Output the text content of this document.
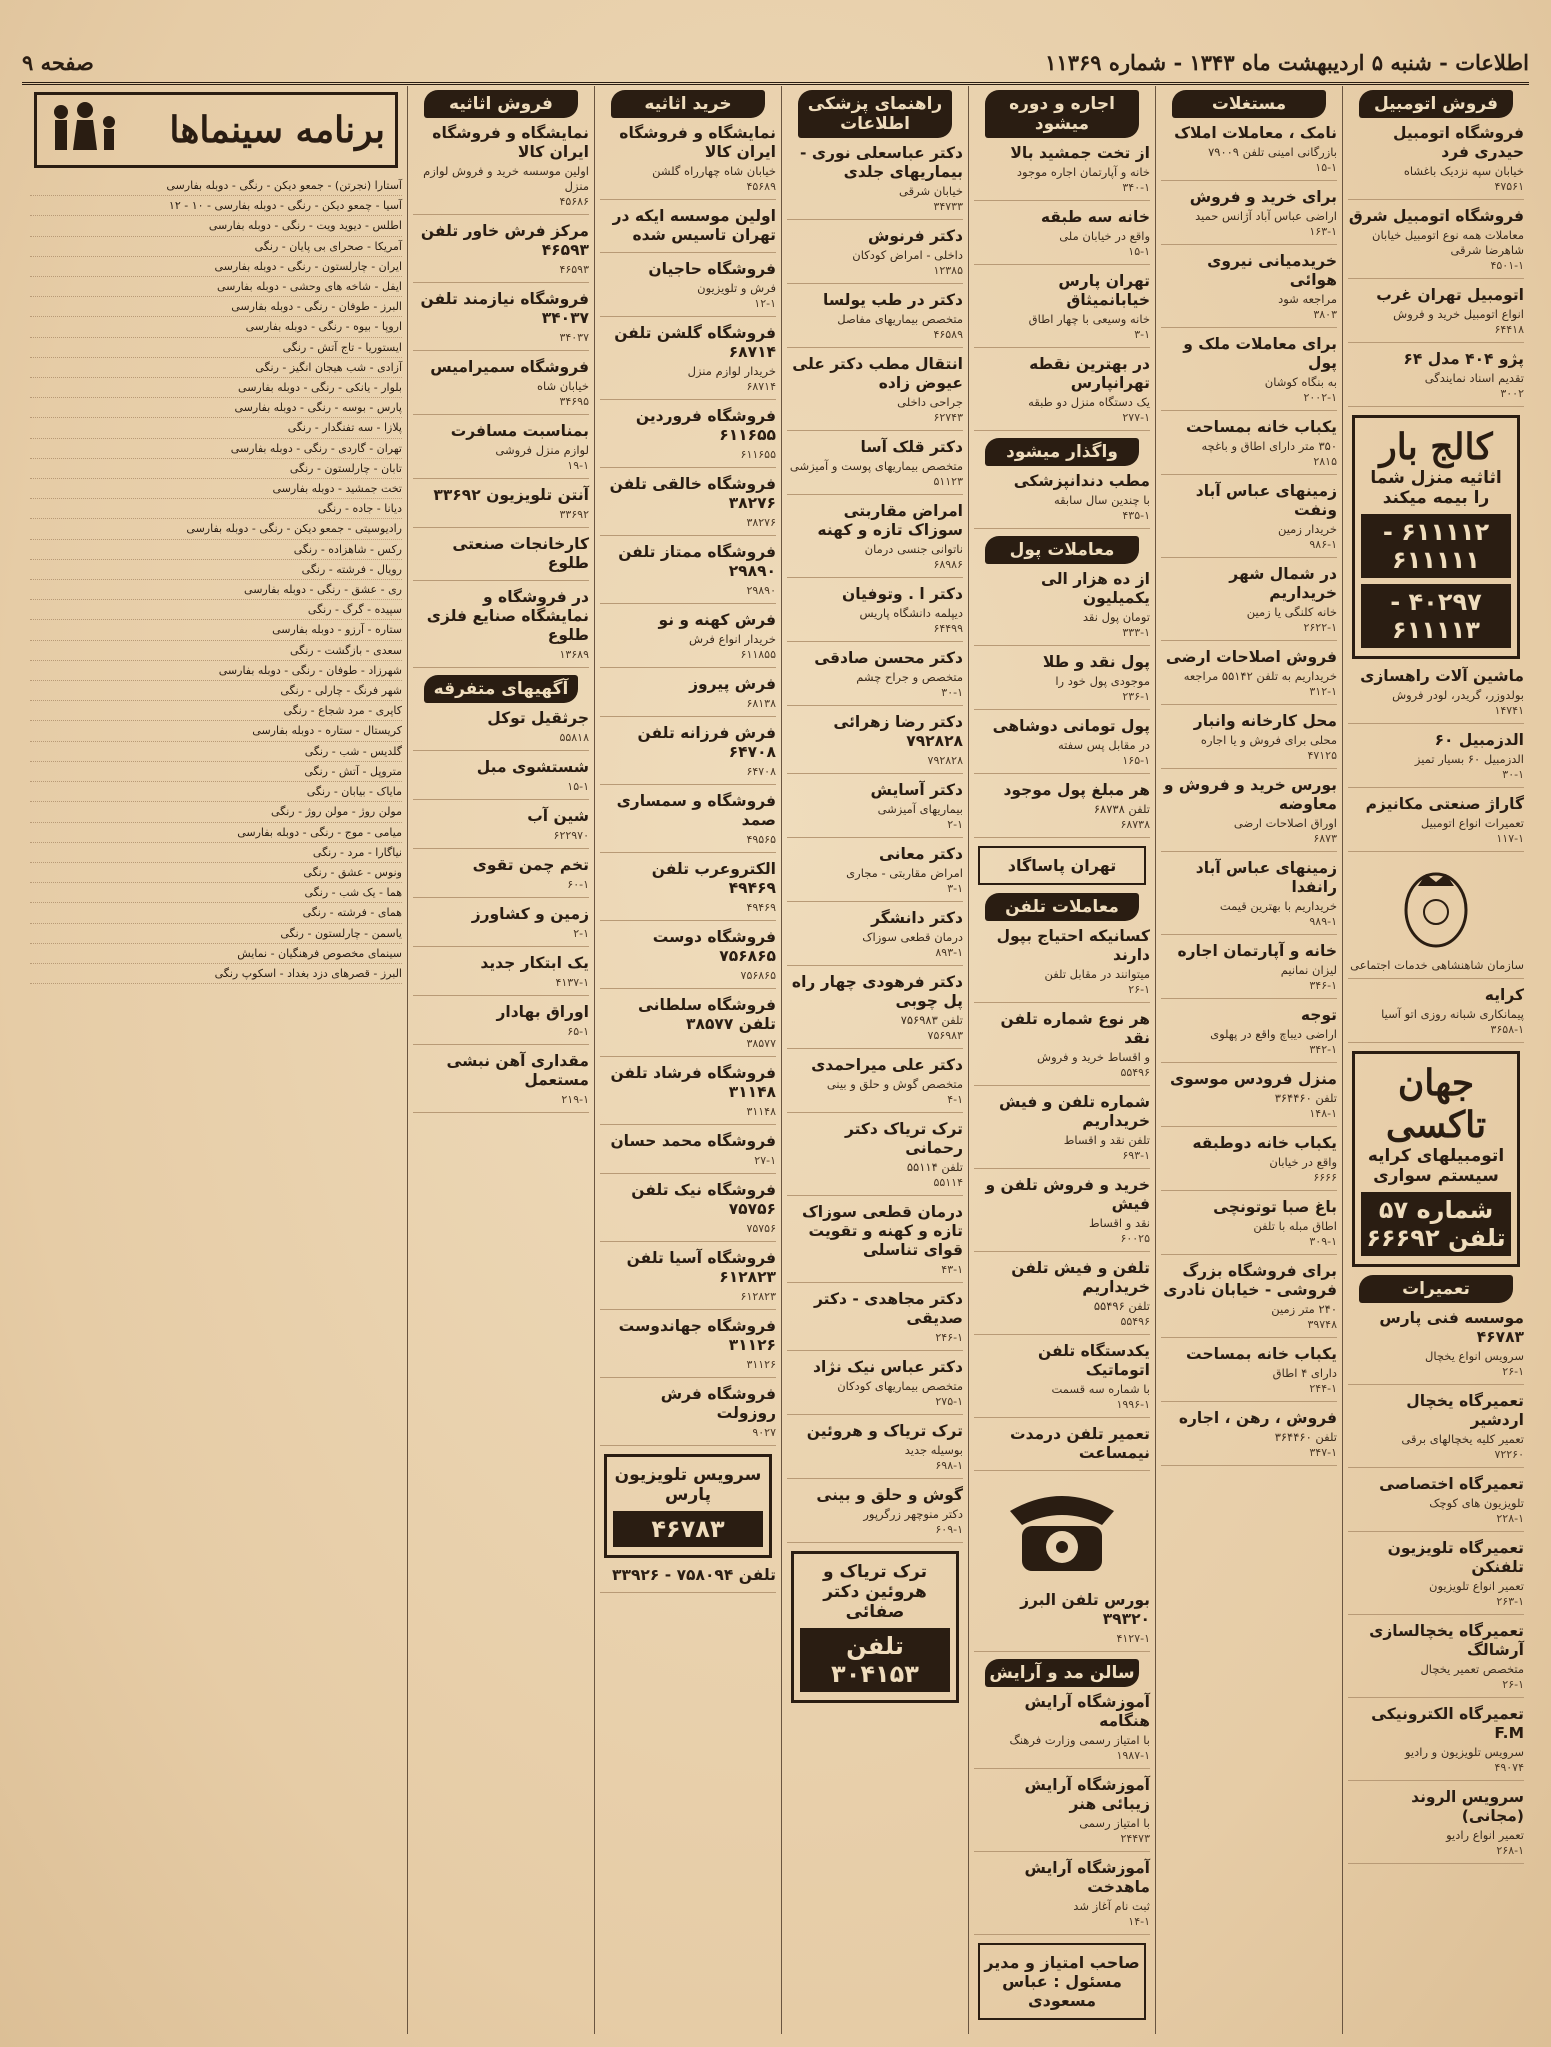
اطلاعات - شنبه ۵ اردیبهشت ماه ۱۳۴۳ - شماره ۱۱۳۶۹
صفحه ۹
فروش اتومبیل
فروشگاه اتومبیل حیدری فرد

خیابان سپه نزدیک باغشاه

۴۷۵۶۱

فروشگاه اتومبیل شرق

معاملات همه نوع اتومبیل خیابان شاهرضا شرقی

۴۵۰۱-۱

اتومبیل تهران غرب

انواع اتومبیل خرید و فروش

۶۴۴۱۸

پژو ۴۰۴ مدل ۶۴

تقدیم اسناد نمایندگی

۳۰۰۲

کالج بار
اثاثیه منزل شما را بیمه میکند
۶۱۱۱۱۲ - ۶۱۱۱۱۱
۴۰۲۹۷ - ۶۱۱۱۱۳
ماشین آلات راهسازی

بولدوزر، گریدر، لودر فروش

۱۴۷۴۱

الدزمبیل ۶۰

الدزمبیل ۶۰ بسیار تمیز

۳۰-۱

گاراژ صنعتی مکانیزم

تعمیرات انواع اتومبیل

۱۱۷-۱

سازمان شاهنشاهی خدمات اجتماعی

کرایه

پیمانکاری شبانه روزی اتو آسیا

۳۶۵۸-۱

جهان تاکسی
اتومبیلهای کرایه سیستم سواری
شماره ۵۷ تلفن ۶۶۶۹۲
تعمیرات
موسسه فنی پارس ۴۶۷۸۳

سرویس انواع یخچال

۲۶-۱

تعمیرگاه یخچال اردشیر

تعمیر کلیه یخچالهای برقی

۷۲۲۶۰

تعمیرگاه اختصاصی

تلویزیون های کوچک

۲۲۸-۱

تعمیرگاه تلویزیون تلفنکن

تعمیر انواع تلویزیون

۲۶۳-۱

تعمیرگاه یخچالسازی آرشالگ

متخصص تعمیر یخچال

۲۶-۱

تعمیرگاه الکترونیکی F.M

سرویس تلویزیون و رادیو

۴۹۰۷۴

سرویس الروند (مجانی)

تعمیر انواع رادیو

۲۶۸-۱

مستغلات
نامک ، معاملات املاک

بازرگانی امینی تلفن ۷۹۰۰۹

۱۵-۱

برای خرید و فروش

اراضی عباس آباد آژانس حمید

۱۶۳-۱

خریدمیانی نیروی هوائی

مراجعه شود

۳۸۰۳

برای معاملات ملک و پول

به بنگاه کوشان

۲۰۰۲-۱

یکباب خانه بمساحت

۳۵۰ متر دارای اطاق و باغچه

۲۸۱۵

زمینهای عباس آباد ونفت

خریدار زمین

۹۸۶-۱

در شمال شهر خریداریم

خانه کلنگی یا زمین

۲۶۲۲-۱

فروش اصلاحات ارضی

خریداریم به تلفن ۵۵۱۴۲ مراجعه

۳۱۲-۱

محل کارخانه وانبار

محلی برای فروش و یا اجاره

۴۷۱۲۵

بورس خرید و فروش و معاوضه

اوراق اصلاحات ارضی

۶۸۷۳

زمینهای عباس آباد رانفدا

خریداریم با بهترین قیمت

۹۸۹-۱

خانه و آپارتمان اجاره

لیزان نمانیم

۳۴۶-۱

توجه

اراضی دیباچ واقع در پهلوی

۳۴۲-۱

منزل فرودس موسوی

تلفن ۳۶۴۴۶۰

۱۴۸-۱

یکباب خانه دوطبقه

واقع در خیابان

۶۶۶۶

باغ صبا توتونچی

اطاق مبله با تلفن

۳۰۹-۱

برای فروشگاه بزرگ فروشی - خیابان نادری

۲۴۰ متر زمین

۳۹۷۴۸

یکباب خانه بمساحت

دارای ۴ اطاق

۲۴۴-۱

فروش ، رهن ، اجاره

تلفن ۳۶۴۴۶۰

۳۴۷-۱

اجاره و دوره میشود
از تخت جمشید بالا

خانه و آپارتمان اجاره موجود

۳۴۰-۱

خانه سه طبقه

واقع در خیابان ملی

۱۵-۱

تهران پارس خیابانمیثاق

خانه وسیعی با چهار اطاق

۳-۱

در بهترین نقطه تهرانپارس

یک دستگاه منزل دو طبقه

۲۷۷-۱

واگذار میشود
مطب دندانپزشکی

با چندین سال سابقه

۴۳۵-۱

معاملات پول
از ده هزار الی یکمیلیون

تومان پول نقد

۳۳۳-۱

پول نقد و طلا

موجودی پول خود را

۲۳۶-۱

پول تومانی دوشاهی

در مقابل پس سفته

۱۶۵-۱

هر مبلغ پول موجود

تلفن ۶۸۷۳۸

۶۸۷۳۸

تهران پاساگاد
معاملات تلفن
کسانیکه احتیاج بپول دارند

میتوانند در مقابل تلفن

۲۶-۱

هر نوع شماره تلفن نقد

و اقساط خرید و فروش

۵۵۴۹۶

شماره تلفن و فیش خریداریم

تلفن نقد و اقساط

۶۹۳-۱

خرید و فروش تلفن و فیش

نقد و اقساط

۶۰۰۲۵

تلفن و فیش تلفن خریداریم

تلفن ۵۵۴۹۶

۵۵۴۹۶

یکدستگاه تلفن اتوماتیک

با شماره سه قسمت

۱۹۹۶-۱

تعمیر تلفن درمدت نیمساعت
بورس تلفن البرز ۳۹۳۲۰

۴۱۲۷-۱

سالن مد و آرایش
آموزشگاه آرایش هنگامه

با امتیاز رسمی وزارت فرهنگ

۱۹۸۷-۱

آموزشگاه آرایش زیبائی هنر

با امتیاز رسمی

۲۴۴۷۳

آموزشگاه آرایش ماهدخت

ثبت نام آغاز شد

۱۴-۱

صاحب امتیاز و مدیر مسئول : عباس مسعودی
راهنمای پزشکی اطلاعات
دکتر عباسعلی نوری - بیماریهای جلدی

خیابان شرقی

۳۴۷۳۳

دکتر فرنوش

داخلی - امراض کودکان

۱۲۳۸۵

دکتر در طب یولسا

متخصص بیماریهای مفاصل

۴۶۵۸۹

انتقال مطب دکتر علی عیوض زاده

جراحی داخلی

۶۲۷۴۳

دکتر قلک آسا

متخصص بیماریهای پوست و آمیزشی

۵۱۱۲۳

امراض مقاربتی سوزاک تازه و کهنه

ناتوانی جنسی درمان

۶۸۹۸۶

دکتر ا . وتوفیان

دیپلمه دانشگاه پاریس

۶۴۴۹۹

دکتر محسن صادقی

متخصص و جراح چشم

۳۰-۱

دکتر رضا زهرائی ۷۹۲۸۲۸

۷۹۲۸۲۸

دکتر آسایش

بیماریهای آمیزشی

۲-۱

دکتر معانی

امراض مقاربتی - مجاری

۳-۱

دکتر دانشگر

درمان قطعی سوزاک

۸۹۳-۱

دکتر فرهودی چهار راه پل چوبی

تلفن ۷۵۶۹۸۳

۷۵۶۹۸۳

دکتر علی میراحمدی

متخصص گوش و حلق و بینی

۴-۱

ترک تریاک دکتر رحمانی

تلفن ۵۵۱۱۴

۵۵۱۱۴

درمان قطعی سوزاک تازه و کهنه و تقویت قوای تناسلی

۴۳-۱

دکتر مجاهدی - دکتر صدیقی

۲۴۶-۱

دکتر عباس نیک نژاد

متخصص بیماریهای کودکان

۲۷۵-۱

ترک تریاک و هروئین

بوسیله جدید

۶۹۸-۱

گوش و حلق و بینی

دکتر منوچهر زرگرپور

۶۰۹-۱

ترک تریاک و هروئین دکتر صفائی
تلفن ۳۰۴۱۵۳
خرید اثاثیه
نمایشگاه و فروشگاه ایران کالا

خیابان شاه چهارراه گلشن

۴۵۶۸۹

اولین موسسه ایکه در تهران تاسیس شده
فروشگاه حاجیان

فرش و تلویزیون

۱۲-۱

فروشگاه گلشن تلفن ۶۸۷۱۴

خریدار لوازم منزل

۶۸۷۱۴

فروشگاه فروردین ۶۱۱۶۵۵

۶۱۱۶۵۵

فروشگاه خالقی تلفن ۳۸۲۷۶

۳۸۲۷۶

فروشگاه ممتاز تلفن ۲۹۸۹۰

۲۹۸۹۰

فرش کهنه و نو

خریدار انواع فرش

۶۱۱۸۵۵

فرش پیروز

۶۸۱۳۸

فرش فرزانه تلفن ۶۴۷۰۸

۶۴۷۰۸

فروشگاه و سمساری صمد

۴۹۵۶۵

الکتروعرب تلفن ۴۹۴۶۹

۴۹۴۶۹

فروشگاه دوست ۷۵۶۸۶۵

۷۵۶۸۶۵

فروشگاه سلطانی تلفن ۳۸۵۷۷

۳۸۵۷۷

فروشگاه فرشاد تلفن ۳۱۱۴۸

۳۱۱۴۸

فروشگاه محمد حسان

۲۷-۱

فروشگاه نیک تلفن ۷۵۷۵۶

۷۵۷۵۶

فروشگاه آسیا تلفن ۶۱۲۸۲۳

۶۱۲۸۲۳

فروشگاه جهاندوست ۳۱۱۲۶

۳۱۱۲۶

فروشگاه فرش روزولت

۹۰۲۷

سرویس تلویزیون پارس
۴۶۷۸۳
تلفن ۷۵۸۰۹۴ - ۳۳۹۲۶
فروش اثاثیه
نمایشگاه و فروشگاه ایران کالا

اولین موسسه خرید و فروش لوازم منزل

۴۵۶۸۶

مرکز فرش خاور تلفن ۴۶۵۹۳

۴۶۵۹۳

فروشگاه نیازمند تلفن ۳۴۰۳۷

۳۴۰۳۷

فروشگاه سمیرامیس

خیابان شاه

۳۴۶۹۵

بمناسبت مسافرت

لوازم منزل فروشی

۱۹-۱

آنتن تلویزیون ۳۳۶۹۲

۳۳۶۹۲

کارخانجات صنعتی طلوع
در فروشگاه و نمایشگاه صنایع فلزی طلوع

۱۳۶۸۹

آگهیهای متفرقه
جرثقیل توکل

۵۵۸۱۸

شستشوی مبل

۱۵-۱

شین آب

۶۲۲۹۷۰

تخم چمن تقوی

۶۰-۱

زمین و کشاورز

۲-۱

یک ابتکار جدید

۴۱۳۷-۱

اوراق بهادار

۶۵-۱

مقداری آهن نبشی مستعمل

۲۱۹-۱

برنامه سینماها
آستارا (نجرتن) - جمعو دیکن - رنگی - دوبله بفارسی
آسیا - چمعو دیکن - رنگی - دوبله بفارسی - ۱۰ - ۱۲
اطلس - دیوید ویت - رنگی - دوبله بفارسی
آمریکا - صحرای بی پایان - رنگی
ایران - چارلستون - رنگی - دوبله بفارسی
ایفل - شاخه های وحشی - دوبله بفارسی
البرز - طوفان - رنگی - دوبله بفارسی
اروپا - بیوه - رنگی - دوبله بفارسی
ایستوریا - تاج آتش - رنگی
آزادی - شب هیجان انگیز - رنگی
بلوار - یانکی - رنگی - دوبله بفارسی
پارس - بوسه - رنگی - دوبله بفارسی
پلازا - سه تفنگدار - رنگی
تهران - گاردی - رنگی - دوبله بفارسی
تابان - چارلستون - رنگی
تخت جمشید - دوبله بفارسی
دیانا - جاده - رنگی
رادیوسیتی - جمعو دیکن - رنگی - دوبله بفارسی
رکس - شاهزاده - رنگی
رویال - فرشته - رنگی
ری - عشق - رنگی - دوبله بفارسی
سپیده - گرگ - رنگی
ستاره - آرزو - دوبله بفارسی
سعدی - بازگشت - رنگی
شهرزاد - طوفان - رنگی - دوبله بفارسی
شهر فرنگ - چارلی - رنگی
کاپری - مرد شجاع - رنگی
کریستال - ستاره - دوبله بفارسی
گلدیس - شب - رنگی
متروپل - آتش - رنگی
مایاک - بیابان - رنگی
مولن روژ - مولن روژ - رنگی
میامی - موج - رنگی - دوبله بفارسی
نیاگارا - مرد - رنگی
ونوس - عشق - رنگی
هما - یک شب - رنگی
همای - فرشته - رنگی
یاسمن - چارلستون - رنگی
سینمای مخصوص فرهنگیان - نمایش
البرز - قصرهای دزد بغداد - اسکوپ رنگی
